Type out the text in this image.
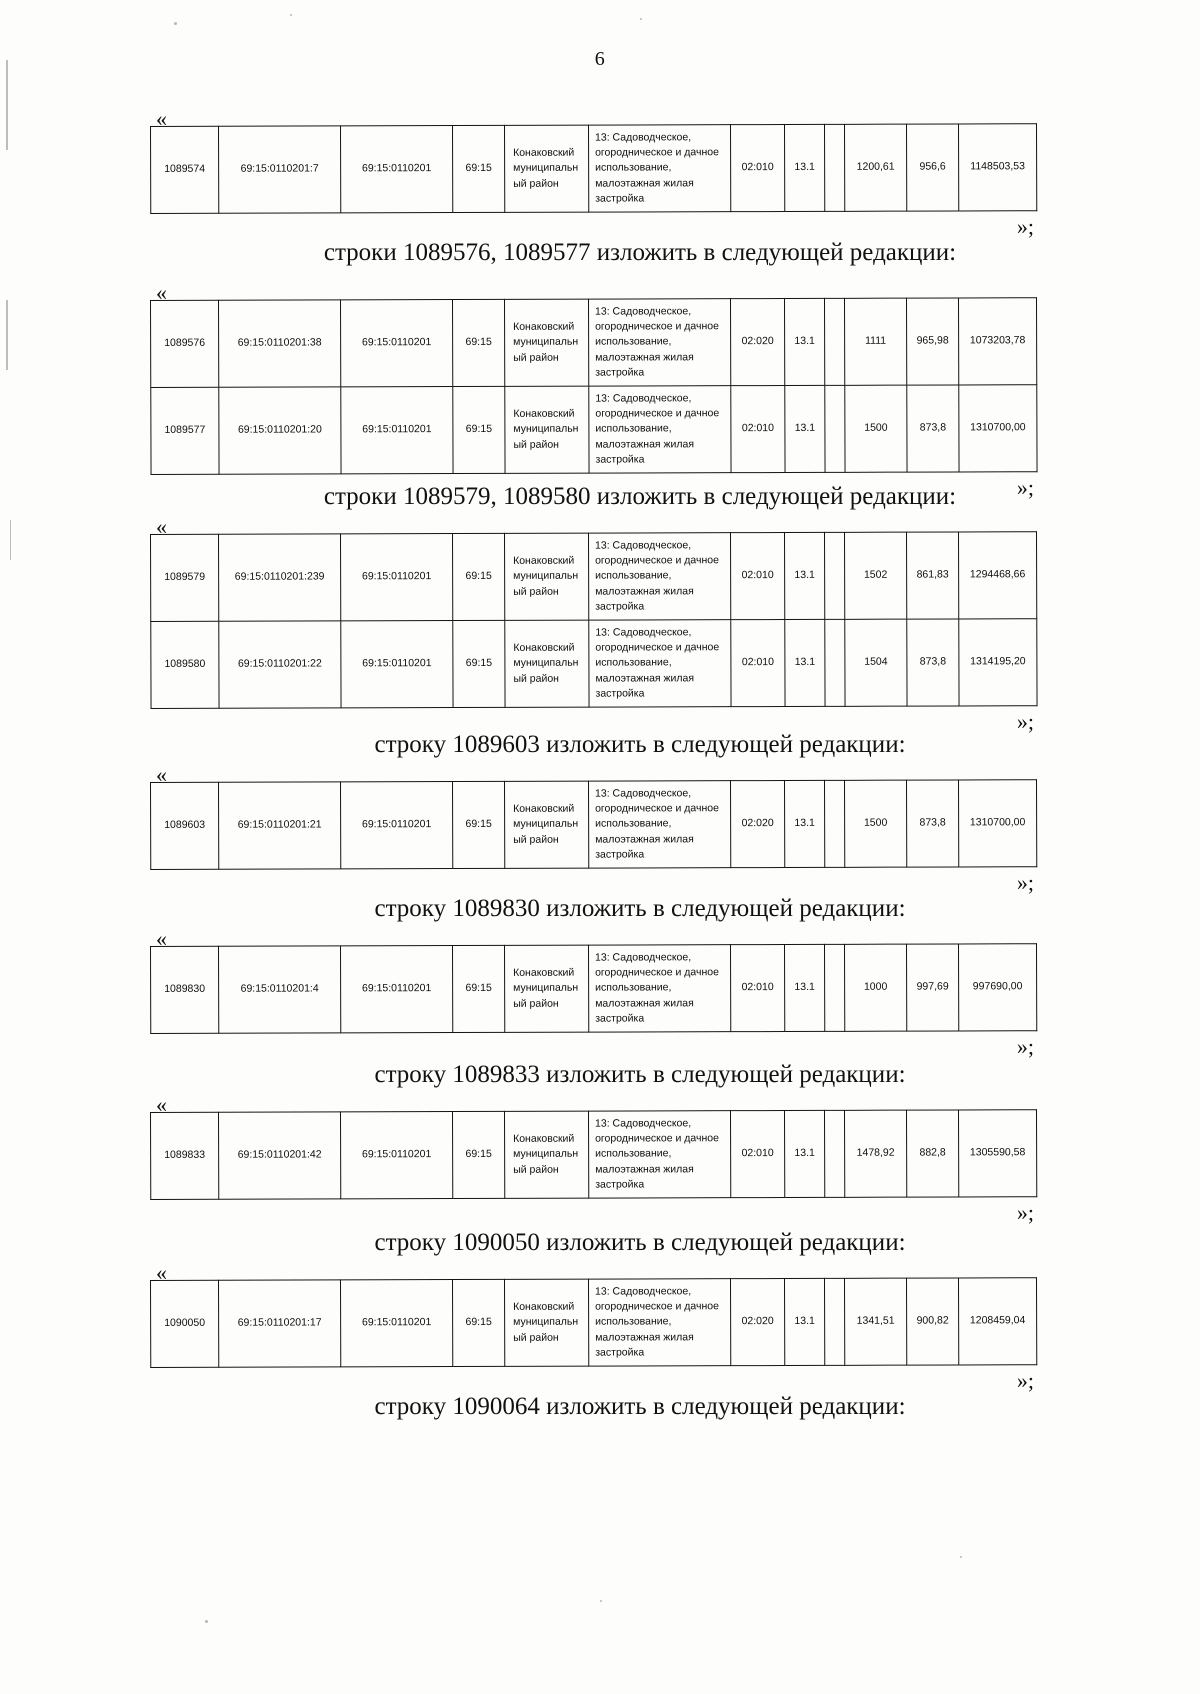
6
«
1089574	69:15:0110201:7	69:15:0110201	69:15	Конаковский муниципальный район	13: Садоводческое, огородническое и дачное использование, малоэтажная жилая застройка	02:010	13.1		1200,61	956,6	1148503,53
»;
строки 1089576, 1089577 изложить в следующей редакции:
«
1089576	69:15:0110201:38	69:15:0110201	69:15	Конаковский муниципальный район	13: Садоводческое, огородническое и дачное использование, малоэтажная жилая застройка	02:020	13.1		1111	965,98	1073203,78
1089577	69:15:0110201:20	69:15:0110201	69:15	Конаковский муниципальный район	13: Садоводческое, огородническое и дачное использование, малоэтажная жилая застройка	02:010	13.1		1500	873,8	1310700,00
»;
строки 1089579, 1089580 изложить в следующей редакции:
«
1089579	69:15:0110201:239	69:15:0110201	69:15	Конаковский муниципальный район	13: Садоводческое, огородническое и дачное использование, малоэтажная жилая застройка	02:010	13.1		1502	861,83	1294468,66
1089580	69:15:0110201:22	69:15:0110201	69:15	Конаковский муниципальный район	13: Садоводческое, огородническое и дачное использование, малоэтажная жилая застройка	02:010	13.1		1504	873,8	1314195,20
»;
строку 1089603 изложить в следующей редакции:
«
1089603	69:15:0110201:21	69:15:0110201	69:15	Конаковский муниципальный район	13: Садоводческое, огородническое и дачное использование, малоэтажная жилая застройка	02:020	13.1		1500	873,8	1310700,00
»;
строку 1089830 изложить в следующей редакции:
«
1089830	69:15:0110201:4	69:15:0110201	69:15	Конаковский муниципальный район	13: Садоводческое, огородническое и дачное использование, малоэтажная жилая застройка	02:010	13.1		1000	997,69	997690,00
»;
строку 1089833 изложить в следующей редакции:
«
1089833	69:15:0110201:42	69:15:0110201	69:15	Конаковский муниципальный район	13: Садоводческое, огородническое и дачное использование, малоэтажная жилая застройка	02:010	13.1		1478,92	882,8	1305590,58
»;
строку 1090050 изложить в следующей редакции:
«
1090050	69:15:0110201:17	69:15:0110201	69:15	Конаковский муниципальный район	13: Садоводческое, огородническое и дачное использование, малоэтажная жилая застройка	02:020	13.1		1341,51	900,82	1208459,04
»;
строку 1090064 изложить в следующей редакции:
